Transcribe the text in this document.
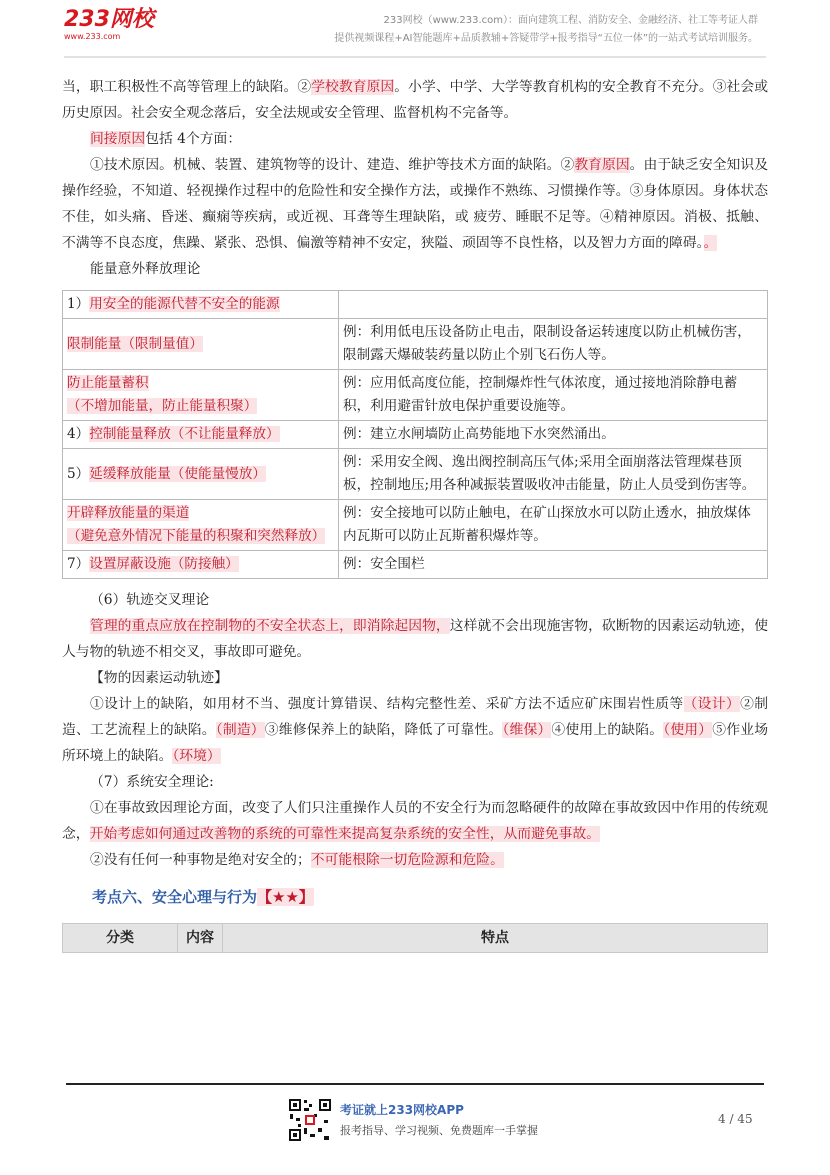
233网校
www.233.com
233网校（www.233.com）：面向建筑工程、消防安全、金融经济、社工等考证人群
提供视频课程+AI智能题库+品质教辅+答疑带学+报考指导“五位一体”的一站式考试培训服务。

当，职工积极性不高等管理上的缺陷。②学校教育原因。小学、中学、大学等教育机构的安全教育不充分。③社会或历史原因。社会安全观念落后，安全法规或安全管理、监督机构不完备等。

间接原因包括 4个方面：

①技术原因。机械、装置、建筑物等的设计、建造、维护等技术方面的缺陷。②教育原因。由于缺乏安全知识及操作经验，不知道、轻视操作过程中的危险性和安全操作方法，或操作不熟练、习惯操作等。③身体原因。身体状态不佳，如头痛、昏迷、癫痫等疾病，或近视、耳聋等生理缺陷，或 疲劳、睡眠不足等。④精神原因。消极、抵触、不满等不良态度，焦躁、紧张、恐惧、偏激等精神不安定，狭隘、顽固等不良性格，以及智力方面的障碍。。

能量意外释放理论

1）用安全的能源代替不安全的能源	
限制能量（限制量值）	例：利用低电压设备防止电击，限制设备运转速度以防止机械伤害，限制露天爆破装药量以防止个别飞石伤人等。
防止能量蓄积
（不增加能量，防止能量积聚）	例：应用低高度位能，控制爆炸性气体浓度，通过接地消除静电蓄积，利用避雷针放电保护重要设施等。
4）控制能量释放（不让能量释放）	例：建立水闸墙防止高势能地下水突然涌出。
5）延缓释放能量（使能量慢放）	例：采用安全阀、逸出阀控制高压气体;采用全面崩落法管理煤巷顶板，控制地压;用各种减振装置吸收冲击能量，防止人员受到伤害等。
开辟释放能量的渠道
（避免意外情况下能量的积聚和突然释放）	例：安全接地可以防止触电，在矿山探放水可以防止透水，抽放煤体内瓦斯可以防止瓦斯蓄积爆炸等。
7）设置屏蔽设施（防接触）	例：安全围栏

（6）轨迹交叉理论

管理的重点应放在控制物的不安全状态上，即消除起因物，这样就不会出现施害物，砍断物的因素运动轨迹，使人与物的轨迹不相交叉，事故即可避免。

【物的因素运动轨迹】

①设计上的缺陷，如用材不当、强度计算错误、结构完整性差、采矿方法不适应矿床围岩性质等（设计）②制造、工艺流程上的缺陷。（制造）③维修保养上的缺陷，降低了可靠性。（维保）④使用上的缺陷。（使用）⑤作业场所环境上的缺陷。（环境）

（7）系统安全理论:

①在事故致因理论方面，改变了人们只注重操作人员的不安全行为而忽略硬件的故障在事故致因中作用的传统观念，开始考虑如何通过改善物的系统的可靠性来提高复杂系统的安全性，从而避免事故。

②没有任何一种事物是绝对安全的；不可能根除一切危险源和危险。

考点六、安全心理与行为【★★】
分类	内容	特点
考证就上233网校APP
报考指导、学习视频、免费题库一手掌握
4 / 45
